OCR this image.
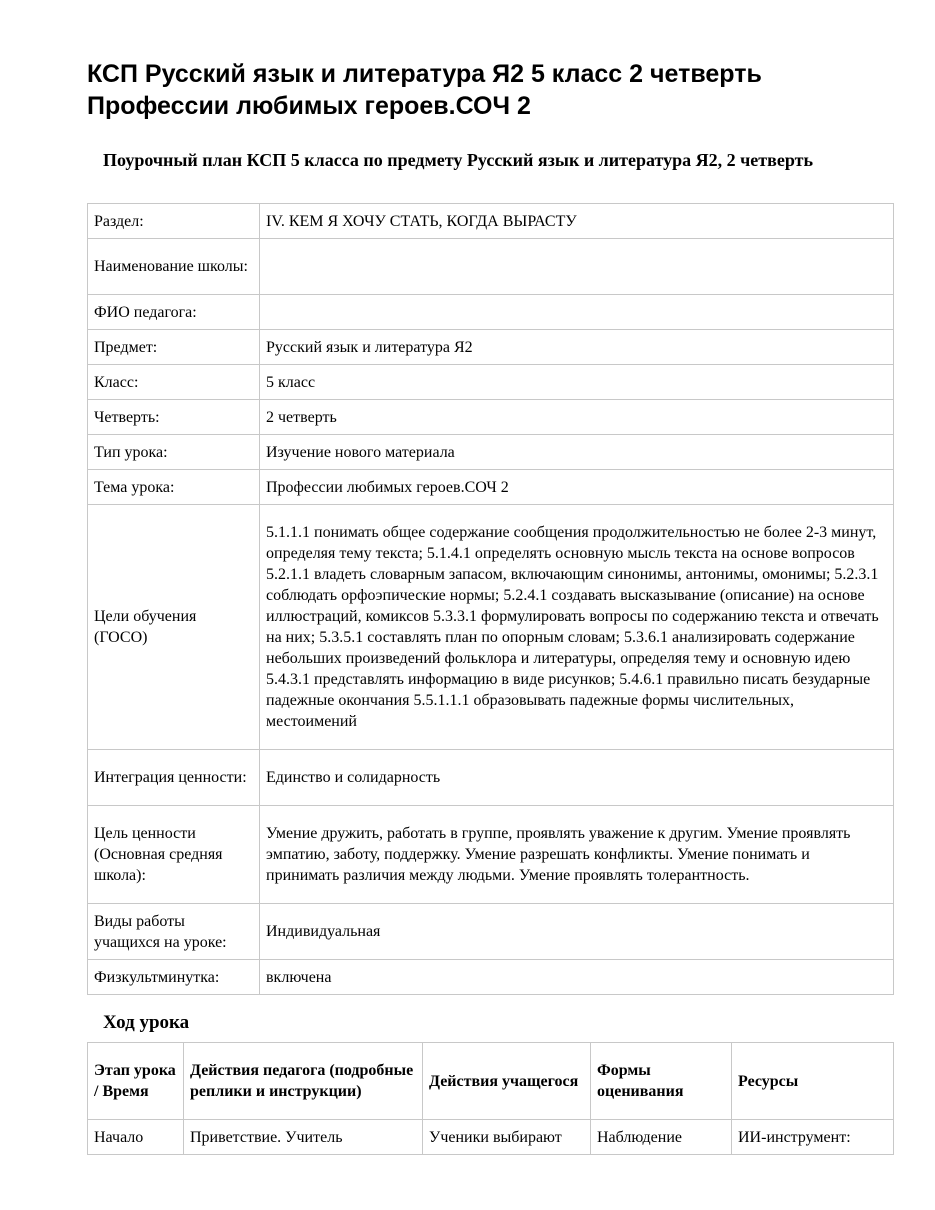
КСП Русский язык и литература Я2 5 класс 2 четверть
Профессии любимых героев.СОЧ 2
Поурочный план КСП 5 класса по предмету Русский язык и литература Я2, 2 четверть
Раздел:	IV. КЕМ Я ХОЧУ СТАТЬ, КОГДА ВЫРАСТУ
Наименование школы:	
ФИО педагога:	
Предмет:	Русский язык и литература Я2
Класс:	5 класс
Четверть:	2 четверть
Тип урока:	Изучение нового материала
Тема урока:	Профессии любимых героев.СОЧ 2
Цели обучения (ГОСО)	5.1.1.1 понимать общее содержание сообщения продолжительностью не более 2-3 минут, определяя тему текста; 5.1.4.1 определять основную мысль текста на основе вопросов 5.2.1.1 владеть словарным запасом, включающим синонимы, антонимы, омонимы; 5.2.3.1 соблюдать орфоэпические нормы; 5.2.4.1 создавать высказывание (описание) на основе иллюстраций, комиксов 5.3.3.1 формулировать вопросы по содержанию текста и отвечать на них; 5.3.5.1 составлять план по опорным словам; 5.3.6.1 анализировать содержание небольших произведений фольклора и литературы, определяя тему и основную идею 5.4.3.1 представлять информацию в виде рисунков; 5.4.6.1 правильно писать безударные падежные окончания 5.5.1.1.1 образовывать падежные формы числительных, местоимений
Интеграция ценности:	Единство и солидарность
Цель ценности (Основная средняя школа):	Умение дружить, работать в группе, проявлять уважение к другим. Умение проявлять эмпатию, заботу, поддержку. Умение разрешать конфликты. Умение понимать и принимать различия между людьми. Умение проявлять толерантность.
Виды работы учащихся на уроке:	Индивидуальная
Физкультминутка:	включена
Ход урока
Этап урока / Время	Действия педагога (подробные реплики и инструкции)	Действия учащегося	Формы оценивания	Ресурсы
Начало	Приветствие. Учитель	Ученики выбирают	Наблюдение	ИИ-инструмент:
